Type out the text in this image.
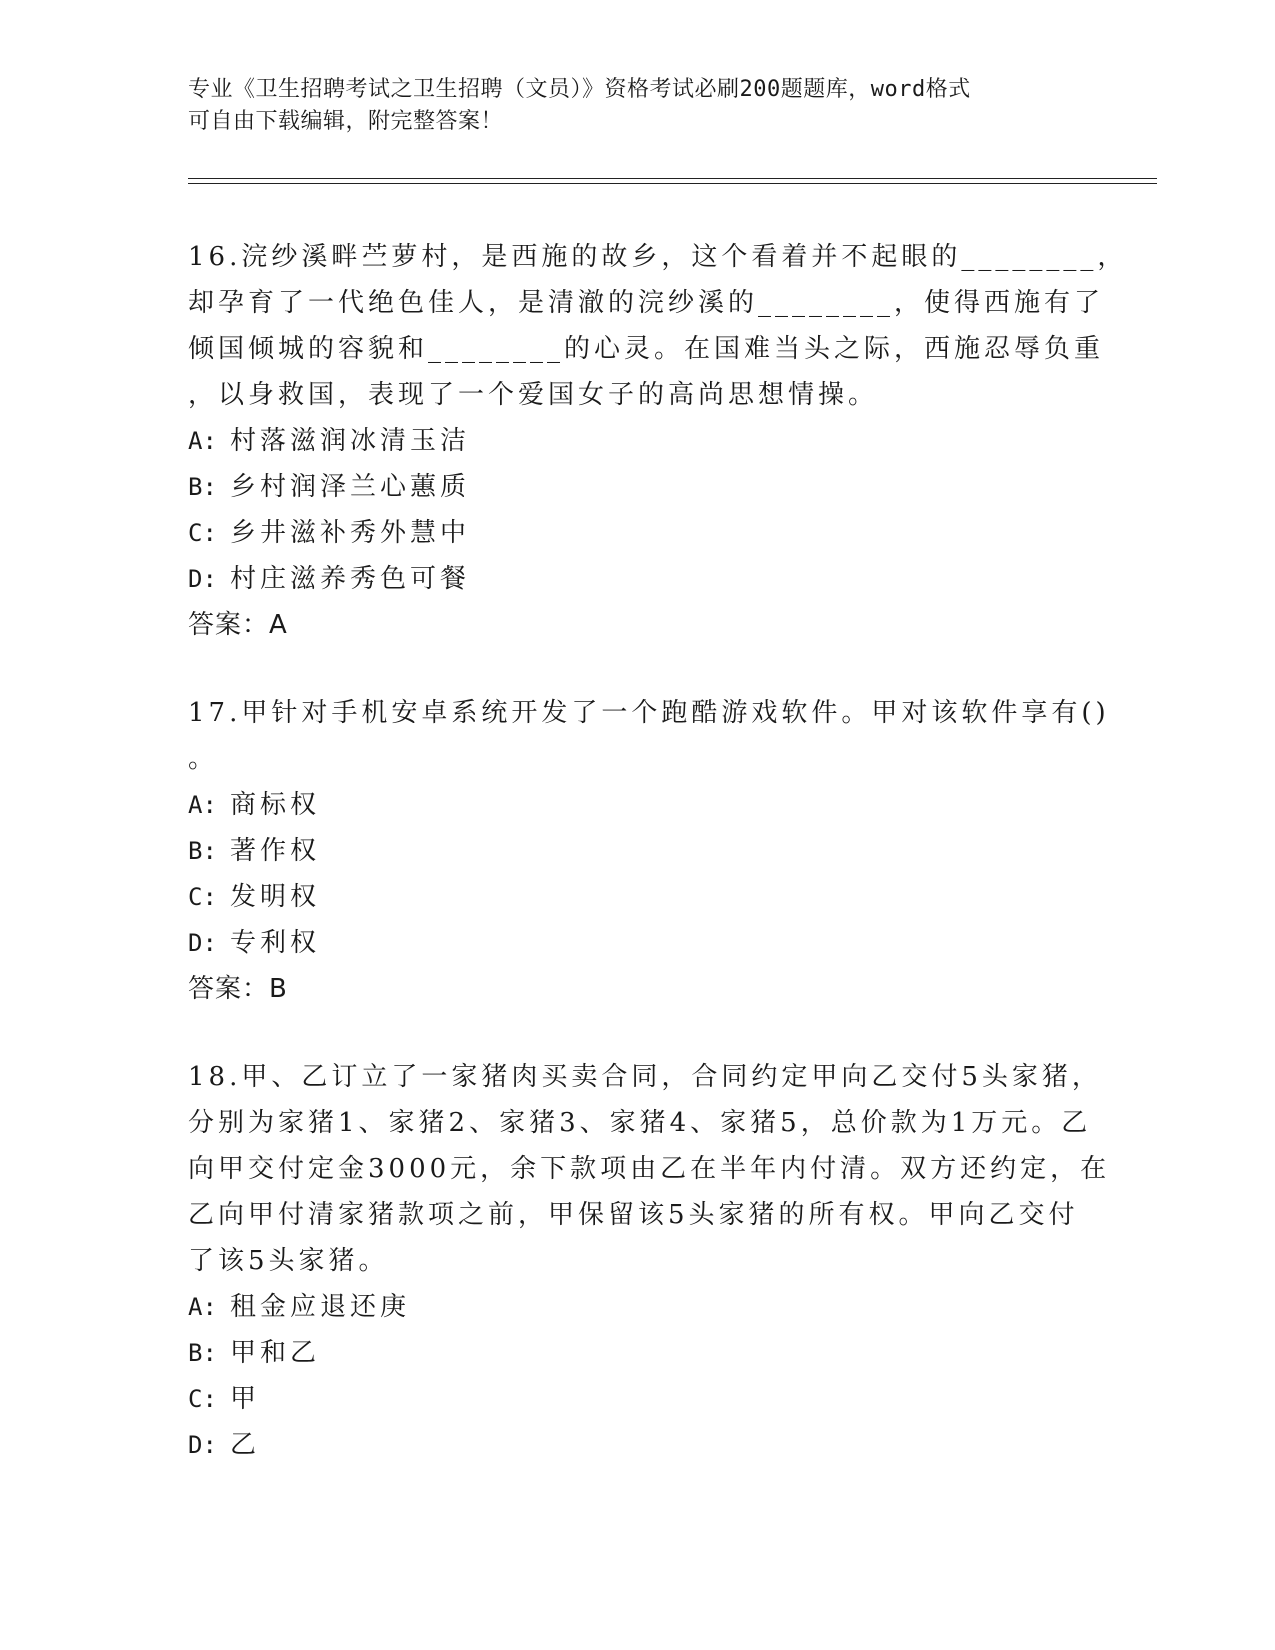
专业《卫生招聘考试之卫生招聘（文员）》资格考试必刷200题题库，word格式
可自由下载编辑，附完整答案！
16.浣纱溪畔苎萝村，是西施的故乡，这个看着并不起眼的________，
却孕育了一代绝色佳人，是清澈的浣纱溪的________，使得西施有了
倾国倾城的容貌和________的心灵。在国难当头之际，西施忍辱负重
，以身救国，表现了一个爱国女子的高尚思想情操。
A: 村落滋润冰清玉洁
B: 乡村润泽兰心蕙质
C: 乡井滋补秀外慧中
D: 村庄滋养秀色可餐
答案：A
17.甲针对手机安卓系统开发了一个跑酷游戏软件。甲对该软件享有()
。
A: 商标权
B: 著作权
C: 发明权
D: 专利权
答案：B
18.甲、乙订立了一家猪肉买卖合同，合同约定甲向乙交付5头家猪，
分别为家猪1、家猪2、家猪3、家猪4、家猪5，总价款为1万元。乙
向甲交付定金3000元，余下款项由乙在半年内付清。双方还约定，在
乙向甲付清家猪款项之前，甲保留该5头家猪的所有权。甲向乙交付
了该5头家猪。
A: 租金应退还庚
B: 甲和乙
C: 甲
D: 乙
